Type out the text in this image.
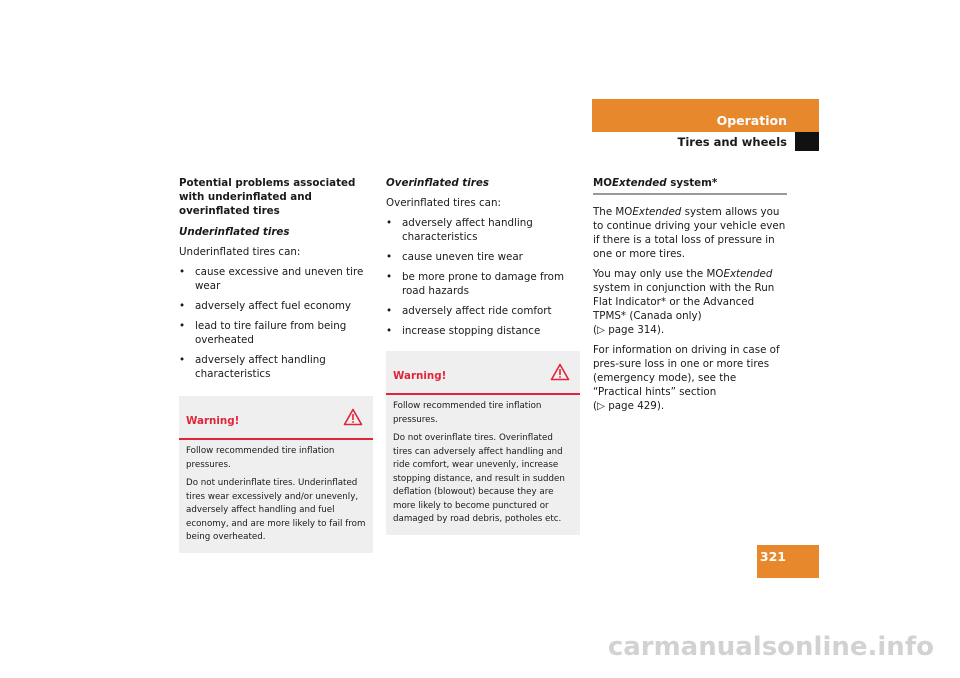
Operation
Tires and wheels
Potential problems associated with underinflated and overinflated tires
Underinflated tires
Underinflated tires can:
• cause excessive and uneven tire wear
• adversely affect fuel economy
• lead to tire failure from being overheated
• adversely affect handling characteristics
Warning!

Follow recommended tire inflation pressures.

Do not underinflate tires. Underinflated tires wear excessively and/or unevenly, adversely affect handling and fuel economy, and are more likely to fail from being overheated.

Overinflated tires
Overinflated tires can:
• adversely affect handling characteristics
• cause uneven tire wear
• be more prone to damage from road hazards
• adversely affect ride comfort
• increase stopping distance
Warning!

Follow recommended tire inflation pressures.

Do not overinflate tires. Overinflated tires can adversely affect handling and ride comfort, wear unevenly, increase stopping distance, and result in sudden deflation (blowout) because they are more likely to become punctured or damaged by road debris, potholes etc.

MOExtended system*

The MOExtended system allows you to continue driving your vehicle even if there is a total loss of pressure in one or more tires.

You may only use the MOExtended system in conjunction with the Run Flat Indicator* or the Advanced TPMS* (Canada only)
(▷ page 314).

For information on driving in case of pres-sure loss in one or more tires (emergency mode), see the “Practical hints” section
(▷ page 429).

321
carmanualsonline.info
